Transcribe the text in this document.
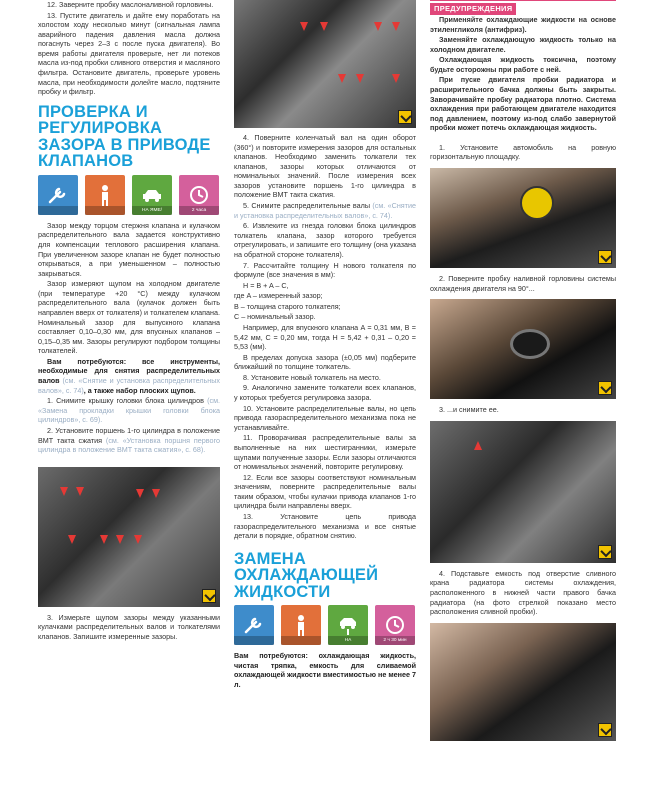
12. Заверните пробку маслоналивной горловины.

13. Пустите двигатель и дайте ему поработать на холостом ходу несколько минут (сигнальная лампа аварийного падения давления масла должна погаснуть через 2–3 с после пуска двигателя). Во время работы двигателя проверьте, нет ли потеков масла из-под пробки сливного отверстия и масляного фильтра. Остановите двигатель, проверьте уровень масла, при необходимости долейте масло, подтяните пробку и фильтр.

ПРОВЕРКА И РЕГУЛИРОВКА ЗАЗОРА В ПРИВОДЕ КЛАПАНОВ
НА ЯМЕ/ЭСТАКАДЕ
2 часа

Зазор между торцом стержня клапана и кулачком распределительного вала задается конструктивно для компенсации теплового расширения клапана. При увеличенном зазоре клапан не будет полностью открываться, а при уменьшенном – полностью закрываться.

Зазор измеряют щупом на холодном двигателе (при температуре +20 °С) между кулачком распределительного вала (кулачок должен быть направлен вверх от толкателя) и толкателем клапана. Номинальный зазор для выпускного клапана составляет 0,10–0,30 мм, для впускных клапанов – 0,15–0,35 мм. Зазоры регулируют подбором толщины толкателей.

Вам потребуются: все инструменты, необходимые для снятия распределительных валов (см. «Снятие и установка распределительных валов», с. 74), а также набор плоских щупов.

1. Снимите крышку головки блока цилиндров (см. «Замена прокладки крышки головки блока цилиндров», с. 69).

2. Установите поршень 1-го цилиндра в положение ВМТ такта сжатия (см. «Установка поршня первого цилиндра в положение ВМТ такта сжатия», с. 68).

3. Измерьте щупом зазоры между указанными кулачками распределительных валов и толкателями клапанов. Запишите измеренные зазоры.

4. Поверните коленчатый вал на один оборот (360°) и повторите измерения зазоров для остальных клапанов. Необходимо заменить толкатели тех клапанов, зазоры которых отличаются от номинальных значений. После измерения всех зазоров установите поршень 1-го цилиндра в положение ВМТ такта сжатия.

5. Снимите распределительные валы (см. «Снятие и установка распределительных валов», с. 74).

6. Извлеките из гнезда головки блока цилиндров толкатель клапана, зазор которого требуется отрегулировать, и запишите его толщину (она указана на обратной стороне толкателя).

7. Рассчитайте толщину H нового толкателя по формуле (все значения в мм):

H = B + A – C,

где A – измеренный зазор;

B – толщина старого толкателя;

C – номинальный зазор.

Например, для впускного клапана A = 0,31 мм, B = 5,42 мм, C = 0,20 мм, тогда H = 5,42 + 0,31 – 0,20 = 5,53 (мм).

В пределах допуска зазора (±0,05 мм) подберите ближайший по толщине толкатель.

8. Установите новый толкатель на место.

9. Аналогично замените толкатели всех клапанов, у которых требуется регулировка зазора.

10. Установите распределительные валы, но цепь привода газораспределительного механизма пока не устанавливайте.

11. Проворачивая распределительные валы за выполненные на них шестигранники, измерьте щупами полученные зазоры. Если зазоры отличаются от номинальных значений, повторите регулировку.

12. Если все зазоры соответствуют номинальным значениям, поверните распределительные валы таким образом, чтобы кулачки привода клапанов 1-го цилиндра были направлены вверх.

13. Установите цепь привода газораспределительного механизма и все снятые детали в порядке, обратном снятию.

ЗАМЕНА ОХЛАЖДАЮЩЕЙ ЖИДКОСТИ
НА ПОДЪЕМНИКЕ
2 ч 30 мин

Вам потребуются: охлаждающая жидкость, чистая тряпка, емкость для сливаемой охлаждающей жидкости вместимостью не менее 7 л.

ПРЕДУПРЕЖДЕНИЯ

Применяйте охлаждающие жидкости на основе этиленгликоля (антифриз).

Заменяйте охлаждающую жидкость только на холодном двигателе.

Охлаждающая жидкость токсична, поэтому будьте осторожны при работе с ней.

При пуске двигателя пробки радиатора и расширительного бачка должны быть закрыты. Заворачивайте пробку радиатора плотно. Система охлаждения при работающем двигателе находится под давлением, поэтому из-под слабо завернутой пробки может потечь охлаждающая жидкость.

1. Установите автомобиль на ровную горизонтальную площадку.

2. Поверните пробку наливной горловины системы охлаждения двигателя на 90°...

3. ...и снимите ее.

4. Подставьте емкость под отверстие сливного крана радиатора системы охлаждения, расположенного в нижней части правого бачка радиатора (на фото стрелкой показано место расположения сливной пробки).
